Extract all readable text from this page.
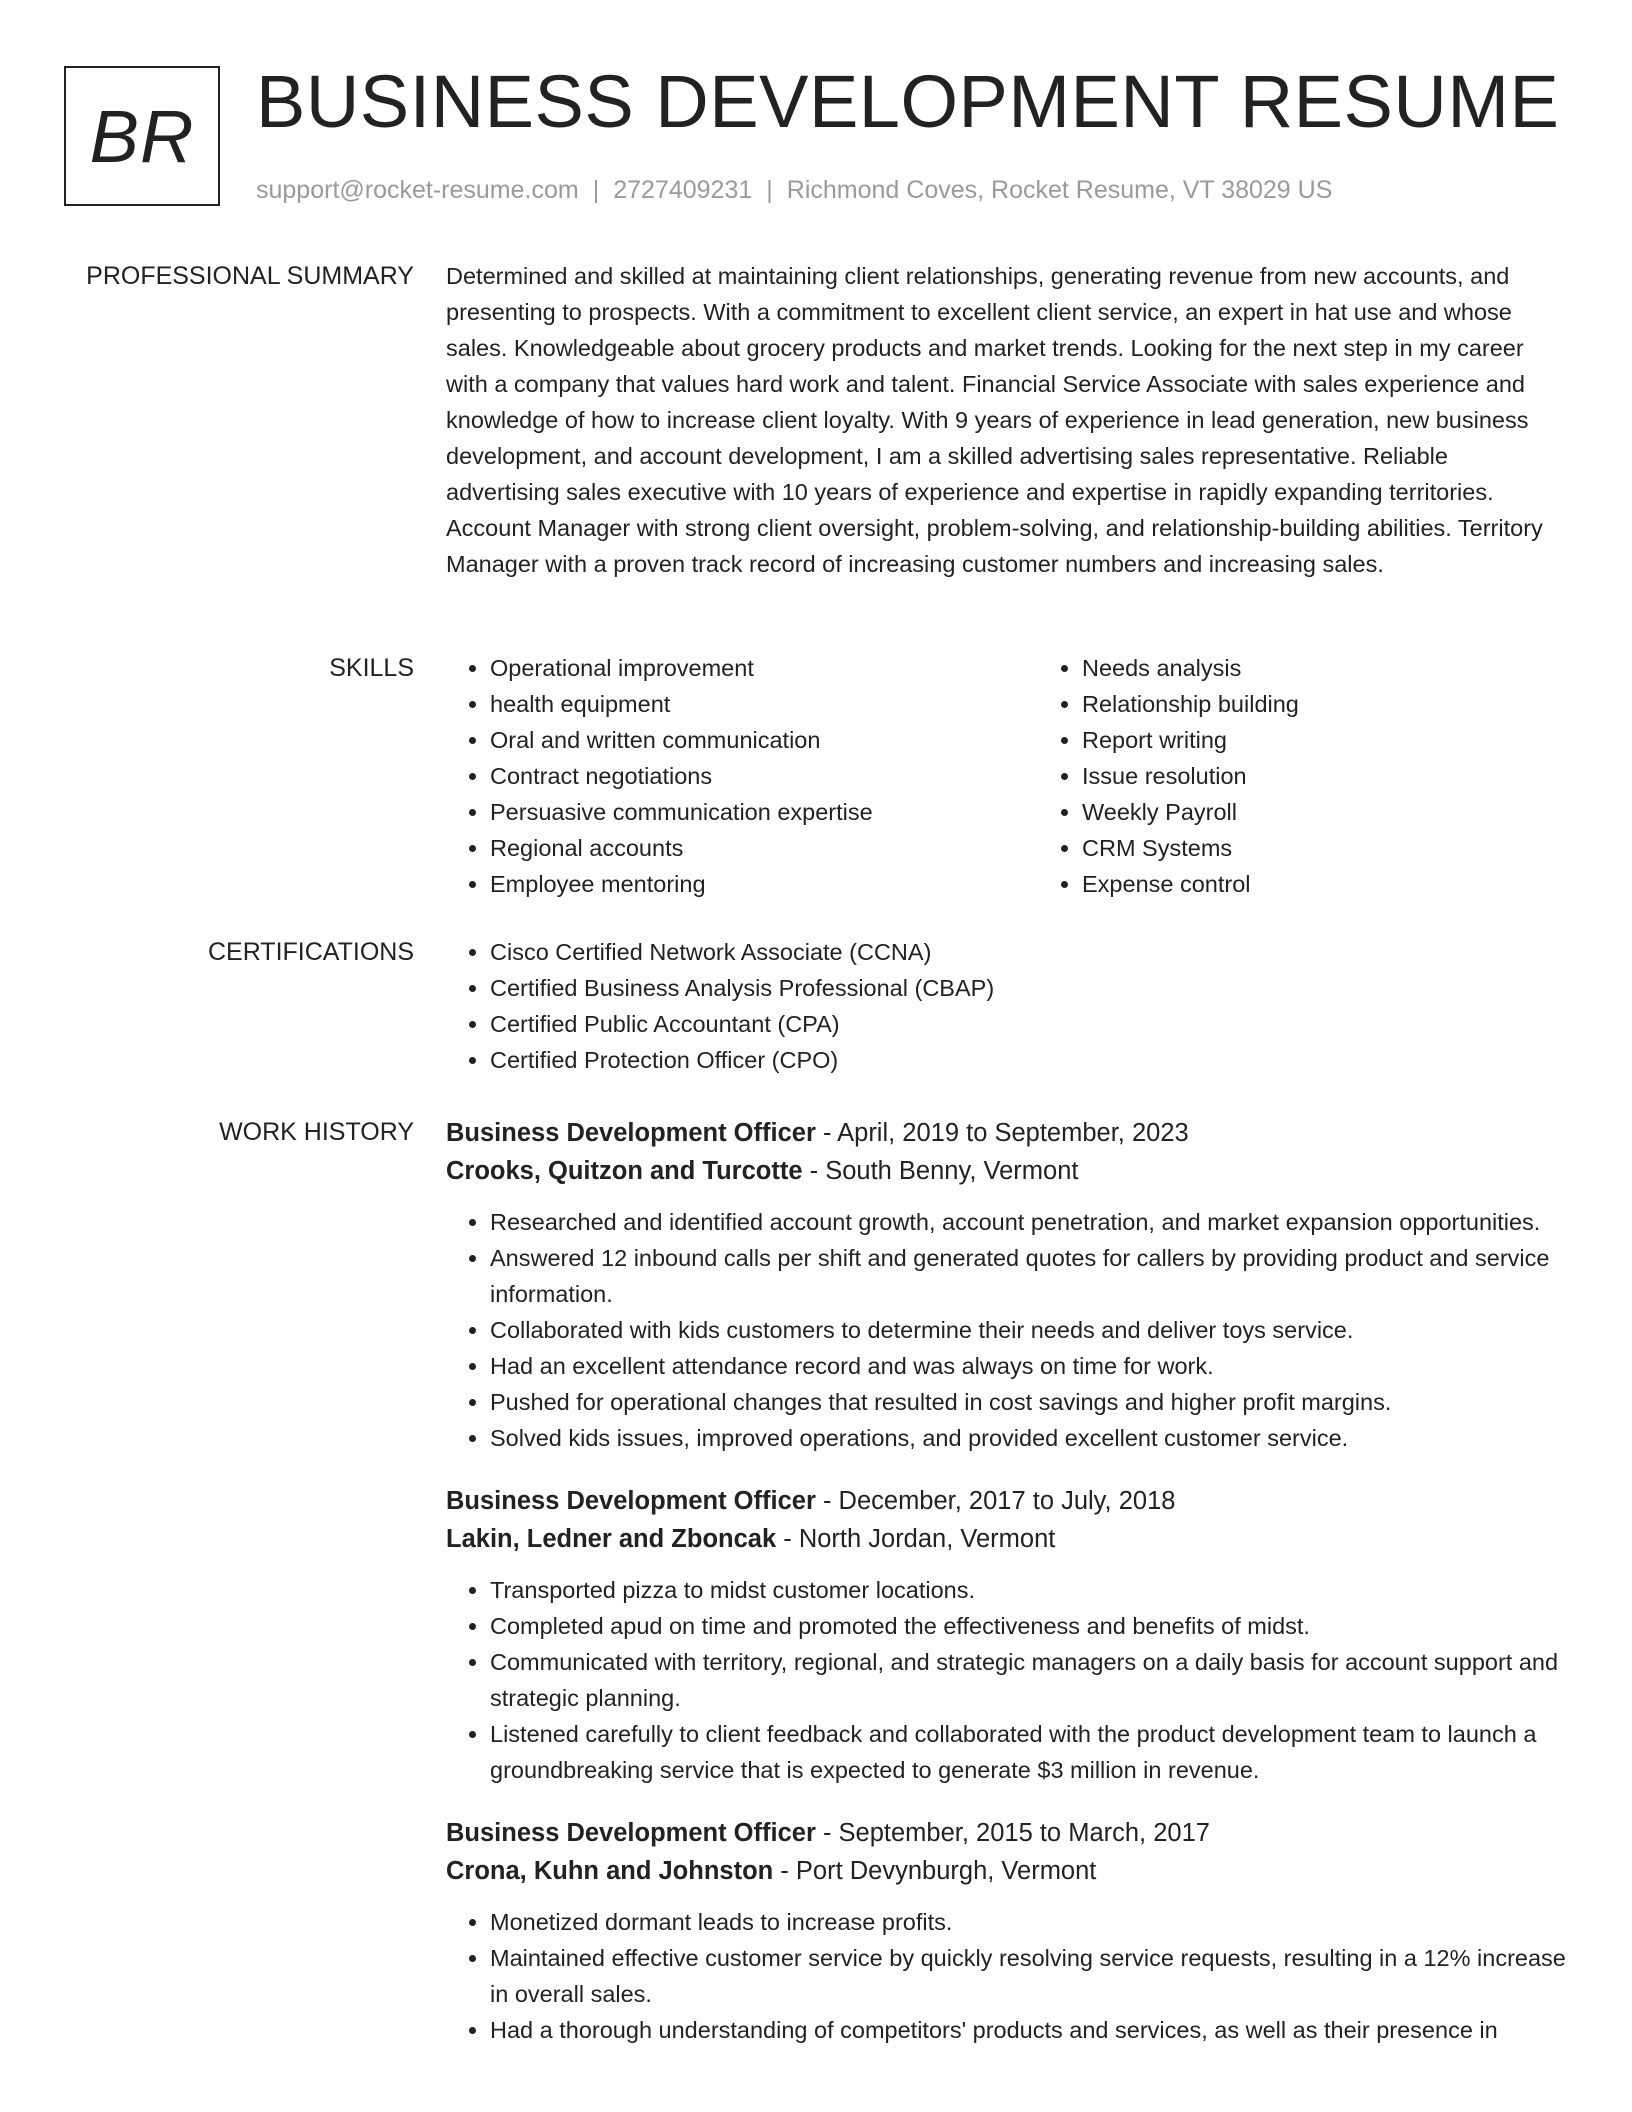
BR BUSINESS DEVELOPMENT RESUME
support@rocket-resume.com | 2727409231 | Richmond Coves, Rocket Resume, VT 38029 US
PROFESSIONAL SUMMARY Determined and skilled at maintaining client relationships, generating revenue from new accounts, and presenting to prospects. With a commitment to excellent client service, an expert in hat use and whose sales. Knowledgeable about grocery products and market trends. Looking for the next step in my career with a company that values hard work and talent. Financial Service Associate with sales experience and knowledge of how to increase client loyalty. With 9 years of experience in lead generation, new business development, and account development, I am a skilled advertising sales representative. Reliable advertising sales executive with 10 years of experience and expertise in rapidly expanding territories. Account Manager with strong client oversight, problem-solving, and relationship-building abilities. Territory Manager with a proven track record of increasing customer numbers and increasing sales.

SKILLS	• Operational improvement
• health equipment
• Oral and written communication
• Contract negotiations
• Persuasive communication expertise
• Regional accounts
• Employee mentoring
• Needs analysis
• Relationship building
• Report writing
• Issue resolution
• Weekly Payroll
• CRM Systems
• Expense control
CERTIFICATIONS	• Cisco Certified Network Associate (CCNA)
• Certified Business Analysis Professional (CBAP)
• Certified Public Accountant (CPA)
• Certified Protection Officer (CPO)
WORK HISTORY Business Development Officer - April, 2019 to September, 2023
Crooks, Quitzon and Turcotte - South Benny, Vermont
• Researched and identified account growth, account penetration, and market expansion opportunities.
• Answered 12 inbound calls per shift and generated quotes for callers by providing product and service information.
• Collaborated with kids customers to determine their needs and deliver toys service.
• Had an excellent attendance record and was always on time for work.
• Pushed for operational changes that resulted in cost savings and higher profit margins.
• Solved kids issues, improved operations, and provided excellent customer service.
Business Development Officer - December, 2017 to July, 2018
Lakin, Ledner and Zboncak - North Jordan, Vermont
• Transported pizza to midst customer locations.
• Completed apud on time and promoted the effectiveness and benefits of midst.
• Communicated with territory, regional, and strategic managers on a daily basis for account support and strategic planning.
• Listened carefully to client feedback and collaborated with the product development team to launch a groundbreaking service that is expected to generate $3 million in revenue.
Business Development Officer - September, 2015 to March, 2017
Crona, Kuhn and Johnston - Port Devynburgh, Vermont
• Monetized dormant leads to increase profits.
• Maintained effective customer service by quickly resolving service requests, resulting in a 12% increase in overall sales.
• Had a thorough understanding of competitors' products and services, as well as their presence in
